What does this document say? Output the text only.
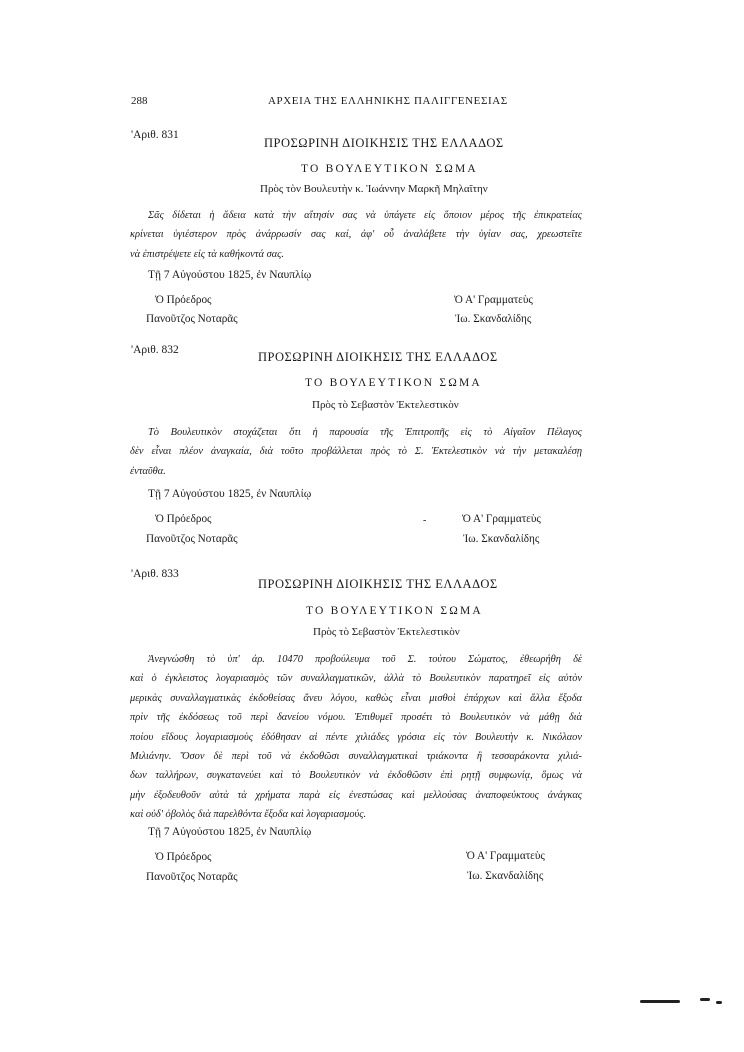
288	ΑΡΧΕΙΑ ΤΗΣ ΕΛΛΗΝΙΚΗΣ ΠΑΛΙΓΓΕΝΕΣΙΑΣ
'Αριθ. 831
ΠΡΟΣΩΡΙΝΗ ΔΙΟΙΚΗΣΙΣ ΤΗΣ ΕΛΛΑΔΟΣ
ΤΟ ΒΟΥΛΕΥΤΙΚΟΝ ΣΩΜΑ
Πρὸς τὸν Βουλευτὴν κ. Ἰωάννην Μαρκῆ Μηλαῖτην
Σᾶς δίδεται ἡ ἄδεια κατὰ τὴν αἴτησίν σας νὰ ὑπάγετε εἰς ὅποιον μέρος τῆς ἐπικρατείας
κρίνεται ὑγιέστερον πρὸς ἀνάρρωσίν σας καί, ἀφ' οὗ ἀναλάβετε τὴν ὑγίαν σας, χρεωστεῖτε
νὰ ἐπιστρέψετε εἰς τὰ καθήκοντά σας.
Τῇ 7 Αὐγούστου 1825, ἐν Ναυπλίῳ
Ὁ Πρόεδρος
Πανοῦτζος Νοταρᾶς
Ὁ Α' Γραμματεὺς
Ἰω. Σκανδαλίδης
'Αριθ. 832	ΠΡΟΣΩΡΙΝΗ ΔΙΟΙΚΗΣΙΣ ΤΗΣ ΕΛΛΑΔΟΣ
ΤΟ ΒΟΥΛΕΥΤΙΚΟΝ ΣΩΜΑ
Πρὸς τὸ Σεβαστὸν Ἐκτελεστικὸν
Τὸ Βουλευτικὸν στοχάζεται ὅτι ἡ παρουσία τῆς Ἐπιτροπῆς εἰς τὸ Αἰγαῖον Πέλαγος
δὲν εἶναι πλέον ἀναγκαία, διὰ τοῦτο προβάλλεται πρὸς τὸ Σ. Ἐκτελεστικὸν νὰ τὴν μετακαλέσῃ
ἐνταῦθα.
Τῇ 7 Αὐγούστου 1825, ἐν Ναυπλίῳ
Ὁ Πρόεδρος
Πανοῦτζος Νοταρᾶς
-	Ὁ Α' Γραμματεὺς
Ἰω. Σκανδαλίδης
'Αριθ. 833
ΠΡΟΣΩΡΙΝΗ ΔΙΟΙΚΗΣΙΣ ΤΗΣ ΕΛΛΑΔΟΣ
ΤΟ ΒΟΥΛΕΥΤΙΚΟΝ ΣΩΜΑ
Πρὸς τὸ Σεβαστὸν Ἐκτελεστικὸν
Ἀνεγνώσθη τὸ ὑπ' ἀρ. 10470 προβούλευμα τοῦ Σ. τούτου Σώματος, ἐθεωρήθη δὲ
καὶ ὁ ἐγκλειστος λογαριασμὸς τῶν συναλλαγματικῶν, ἀλλὰ τὸ Βουλευτικὸν παρατηρεῖ εἰς αὐτὸν
μερικὰς συναλλαγματικὰς ἐκδοθείσας ἄνευ λόγου, καθὼς εἶναι μισθοὶ ἐπάρχων καὶ ἄλλα ἔξοδα
πρὶν τῆς ἐκδόσεως τοῦ περὶ δανείου νόμου. Ἐπιθυμεῖ προσέτι τὸ Βουλευτικὸν νὰ μάθῃ διὰ
ποίου εἴδους λογαριασμοὺς ἐδόθησαν αἱ πέντε χιλιάδες γρόσια εἰς τὸν Βουλευτὴν κ. Νικόλαον
Μιλιάνην. Ὅσον δὲ περὶ τοῦ νὰ ἐκδοθῶσι συναλλαγματικαὶ τριάκοντα ἢ τεσσαράκοντα χιλιά-
δων ταλλήρων, συγκατανεύει καὶ τὸ Βουλευτικὸν νὰ ἐκδοθῶσιν ἐπὶ ρητῇ συμφωνίᾳ, ὅμως νὰ
μὴν ἐξοδευθοῦν αὐτὰ τὰ χρήματα παρὰ εἰς ἐνεστώσας καὶ μελλούσας ἀναποφεύκτους ἀνάγκας
καὶ οὐδ' ὀβολὸς διὰ παρελθόντα ἔξοδα καὶ λογαριασμούς.
Τῇ 7 Αὐγούστου 1825, ἐν Ναυπλίῳ
Ὁ Πρόεδρος
Πανοῦτζος Νοταρᾶς
Ὁ Α' Γραμματεὺς
Ἰω. Σκανδαλίδης
